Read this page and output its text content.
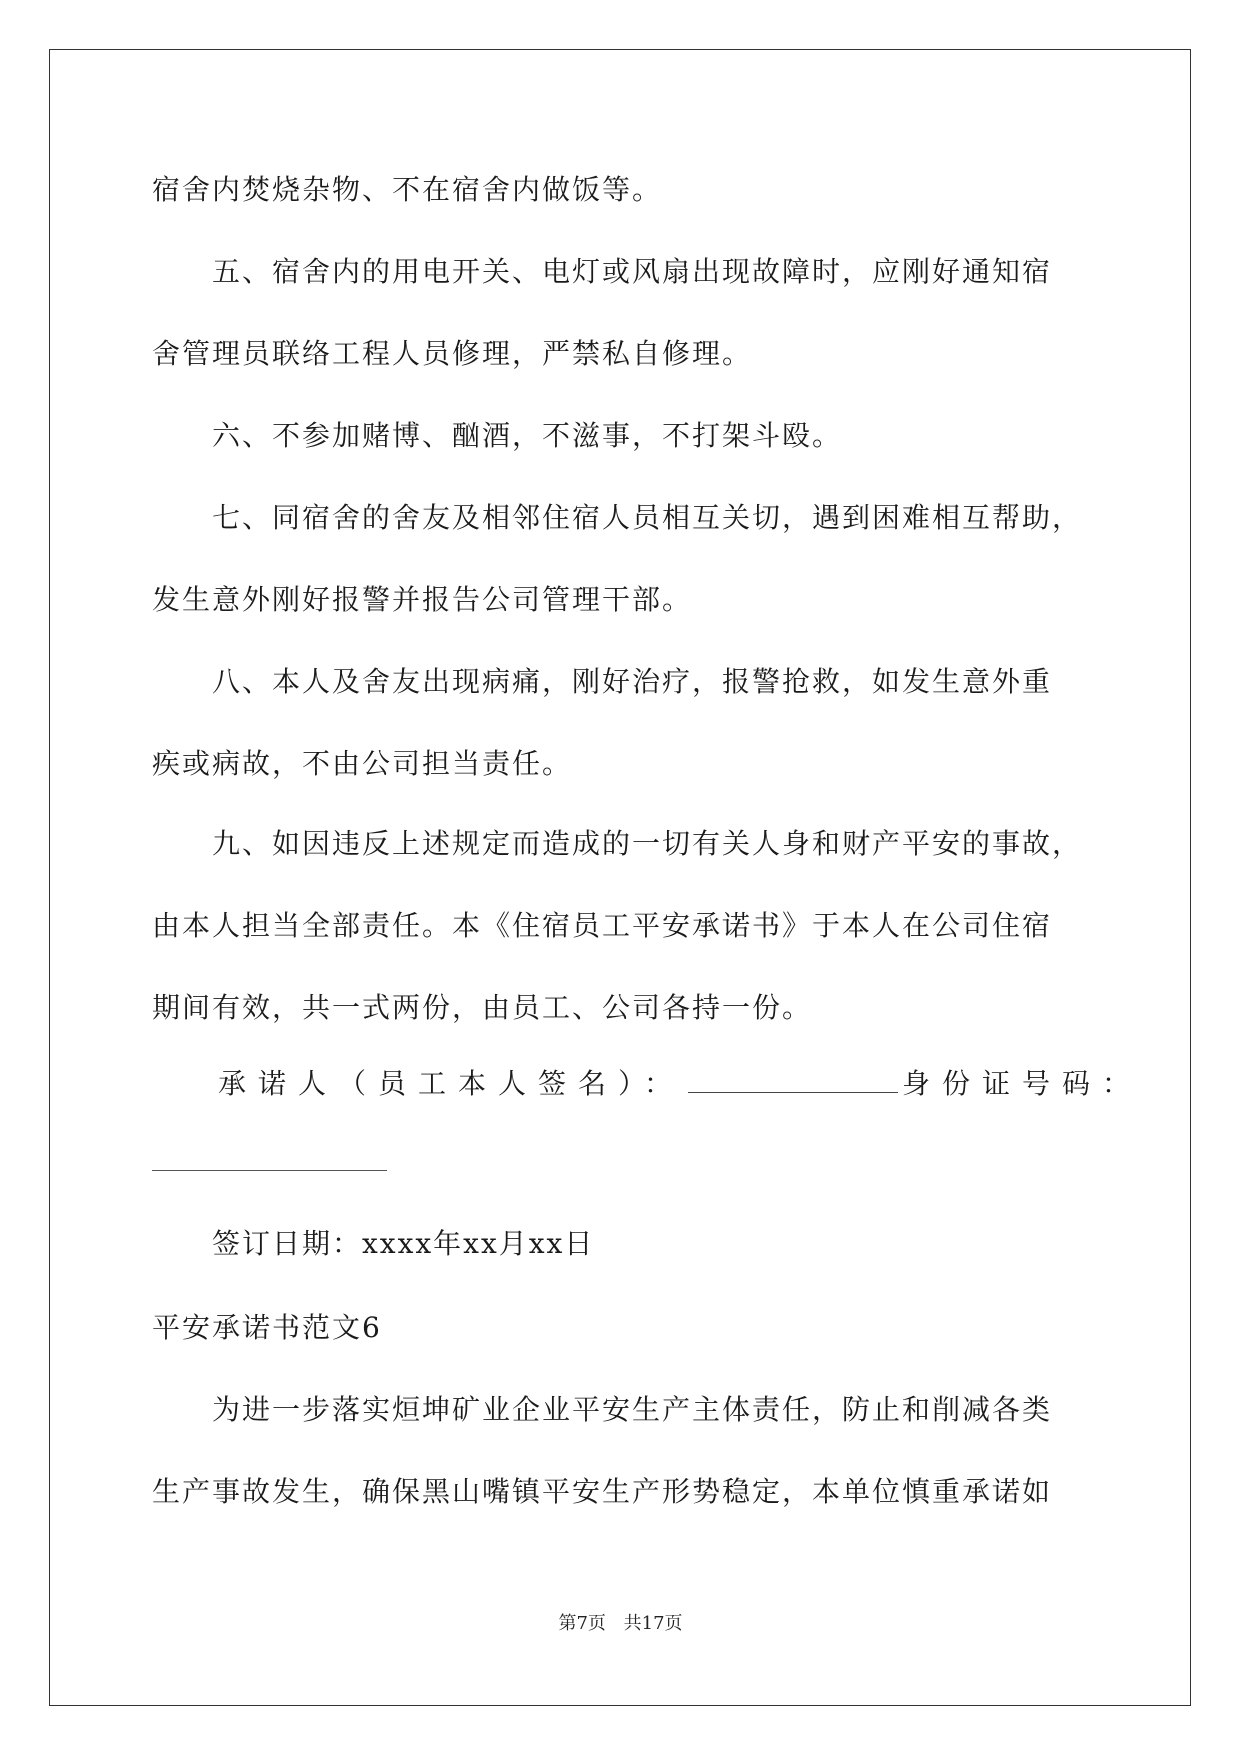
宿舍内焚烧杂物、不在宿舍内做饭等。
五、宿舍内的用电开关、电灯或风扇出现故障时，应刚好通知宿
舍管理员联络工程人员修理，严禁私自修理。
六、不参加赌博、酗酒，不滋事，不打架斗殴。
七、同宿舍的舍友及相邻住宿人员相互关切，遇到困难相互帮助，
发生意外刚好报警并报告公司管理干部。
八、本人及舍友出现病痛，刚好治疗，报警抢救，如发生意外重
疾或病故，不由公司担当责任。
九、如因违反上述规定而造成的一切有关人身和财产平安的事故，
由本人担当全部责任。本《住宿员工平安承诺书》于本人在公司住宿
期间有效，共一式两份，由员工、公司各持一份。
承诺人（员工本人签名）：	身份证号码：
签订日期：xxxx年xx月xx日
平安承诺书范文6
为进一步落实烜坤矿业企业平安生产主体责任，防止和削减各类
生产事故发生，确保黑山嘴镇平安生产形势稳定，本单位慎重承诺如
第7页 共17页
